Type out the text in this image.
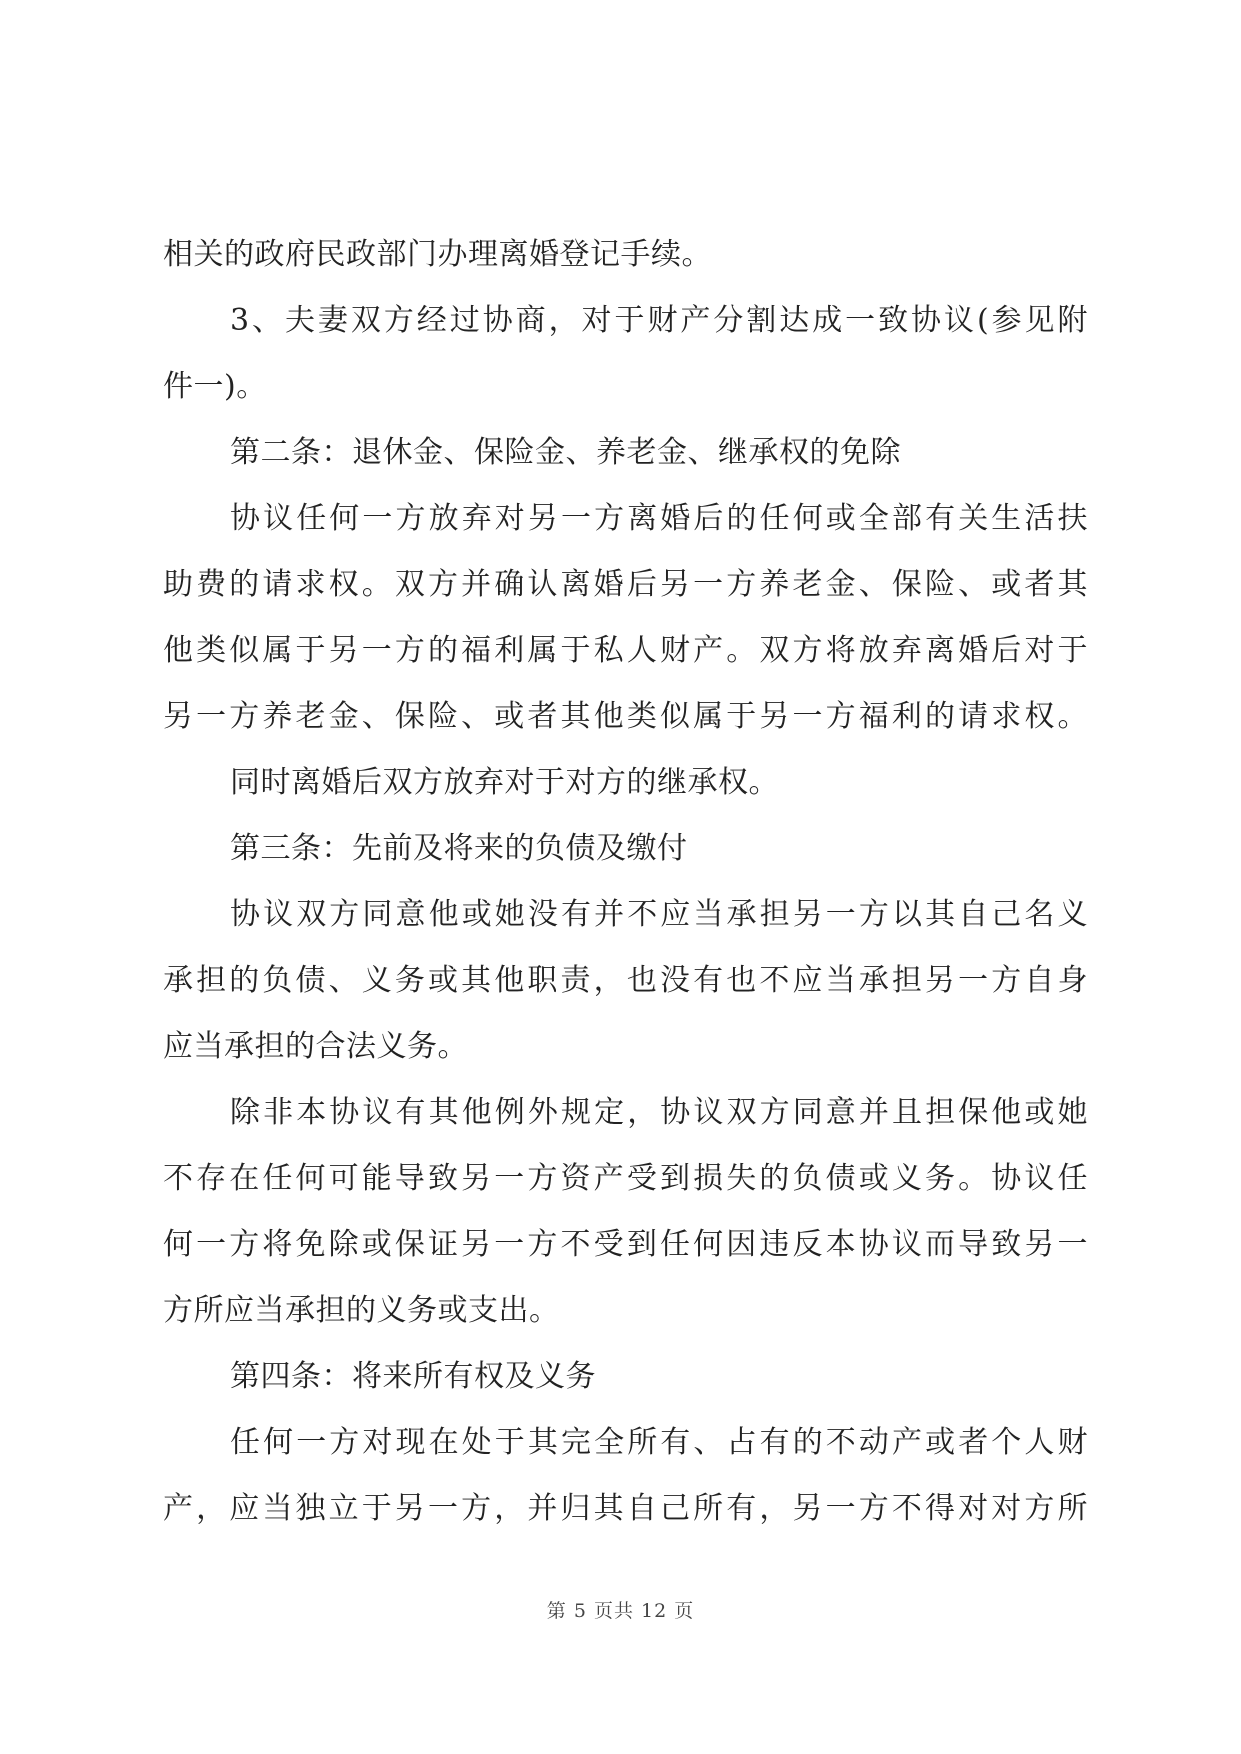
相关的政府民政部门办理离婚登记手续。
3、夫妻双方经过协商，对于财产分割达成一致协议(参见附
件一)。
第二条：退休金、保险金、养老金、继承权的免除
协议任何一方放弃对另一方离婚后的任何或全部有关生活扶
助费的请求权。双方并确认离婚后另一方养老金、保险、或者其
他类似属于另一方的福利属于私人财产。双方将放弃离婚后对于
另一方养老金、保险、或者其他类似属于另一方福利的请求权。
同时离婚后双方放弃对于对方的继承权。
第三条：先前及将来的负债及缴付
协议双方同意他或她没有并不应当承担另一方以其自己名义
承担的负债、义务或其他职责，也没有也不应当承担另一方自身
应当承担的合法义务。
除非本协议有其他例外规定，协议双方同意并且担保他或她
不存在任何可能导致另一方资产受到损失的负债或义务。协议任
何一方将免除或保证另一方不受到任何因违反本协议而导致另一
方所应当承担的义务或支出。
第四条：将来所有权及义务
任何一方对现在处于其完全所有、占有的不动产或者个人财
产，应当独立于另一方，并归其自己所有，另一方不得对对方所
第 5 页共 12 页
